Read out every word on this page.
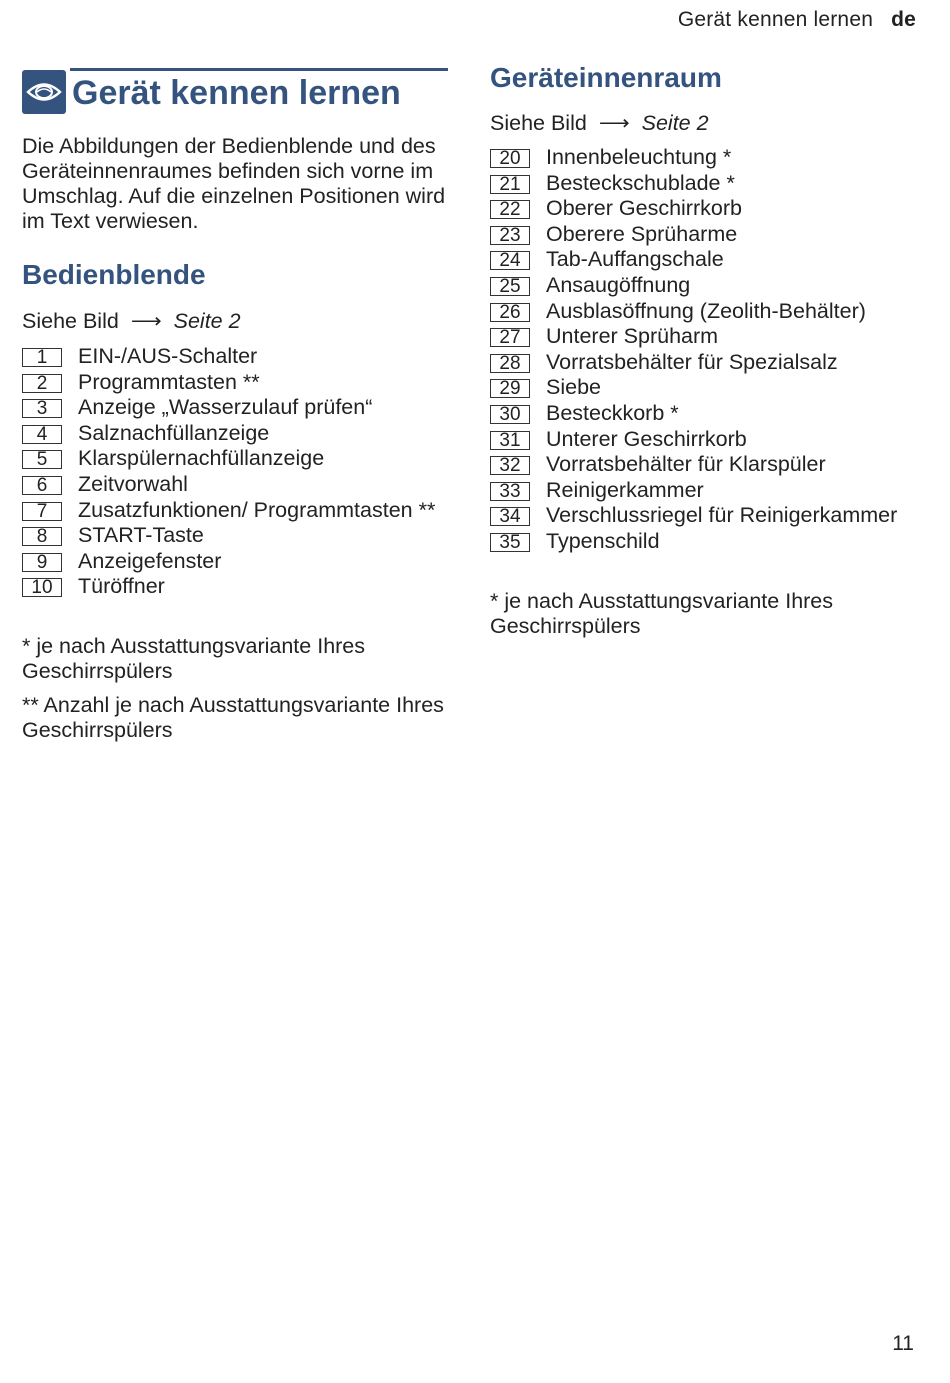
Gerät kennen lernen de
Gerät kennen lernen
Die Abbildungen der Bedienblende und des Geräteinnenraumes befinden sich vorne im Umschlag. Auf die einzelnen Positionen wird im Text verwiesen.
Bedienblende
Siehe Bild ⟶ Seite 2
1	EIN-/AUS-Schalter
2	Programmtasten **
3	Anzeige „Wasserzulauf prüfen“
4	Salznachfüllanzeige
5	Klarspülernachfüllanzeige
6	Zeitvorwahl
7	Zusatzfunktionen/ Programmtasten **
8	START-Taste
9	Anzeigefenster
10	Türöffner
* je nach Ausstattungsvariante Ihres Geschirrspülers
** Anzahl je nach Ausstattungsvariante Ihres Geschirrspülers
Geräteinnenraum
Siehe Bild ⟶ Seite 2
20	Innenbeleuchtung *
21	Besteckschublade *
22	Oberer Geschirrkorb
23	Oberere Sprüharme
24	Tab-Auffangschale
25	Ansaugöffnung
26	Ausblasöffnung (Zeolith-Behälter)
27	Unterer Sprüharm
28	Vorratsbehälter für Spezialsalz
29	Siebe
30	Besteckkorb *
31	Unterer Geschirrkorb
32	Vorratsbehälter für Klarspüler
33	Reinigerkammer
34	Verschlussriegel für Reinigerkammer
35	Typenschild
* je nach Ausstattungsvariante Ihres Geschirrspülers
11
